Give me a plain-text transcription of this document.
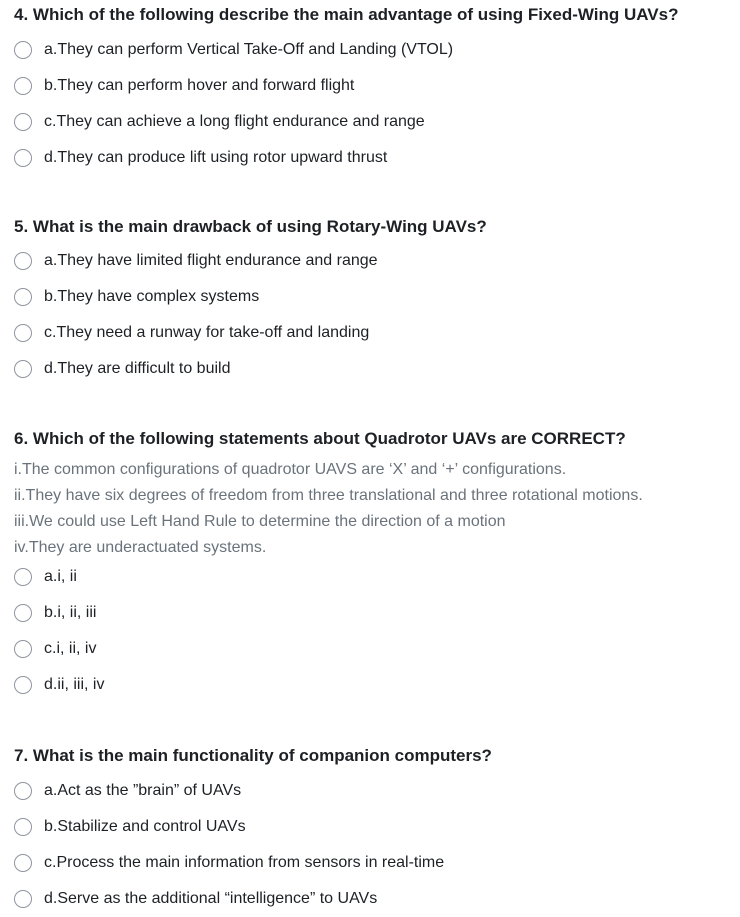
4. Which of the following describe the main advantage of using Fixed-Wing UAVs?

a.They can perform Vertical Take-Off and Landing (VTOL)
b.They can perform hover and forward flight
c.They can achieve a long flight endurance and range
d.They can produce lift using rotor upward thrust

5. What is the main drawback of using Rotary-Wing UAVs?

a.They have limited flight endurance and range
b.They have complex systems
c.They need a runway for take-off and landing
d.They are difficult to build

6. Which of the following statements about Quadrotor UAVs are CORRECT?

i.The common configurations of quadrotor UAVS are ‘X’ and ‘+’ configurations.
ii.They have six degrees of freedom from three translational and three rotational motions.
iii.We could use Left Hand Rule to determine the direction of a motion
iv.They are underactuated systems.
a.i, ii
b.i, ii, iii
c.i, ii, iv
d.ii, iii, iv

7. What is the main functionality of companion computers?

a.Act as the ”brain” of UAVs
b.Stabilize and control UAVs
c.Process the main information from sensors in real-time
d.Serve as the additional “intelligence” to UAVs
